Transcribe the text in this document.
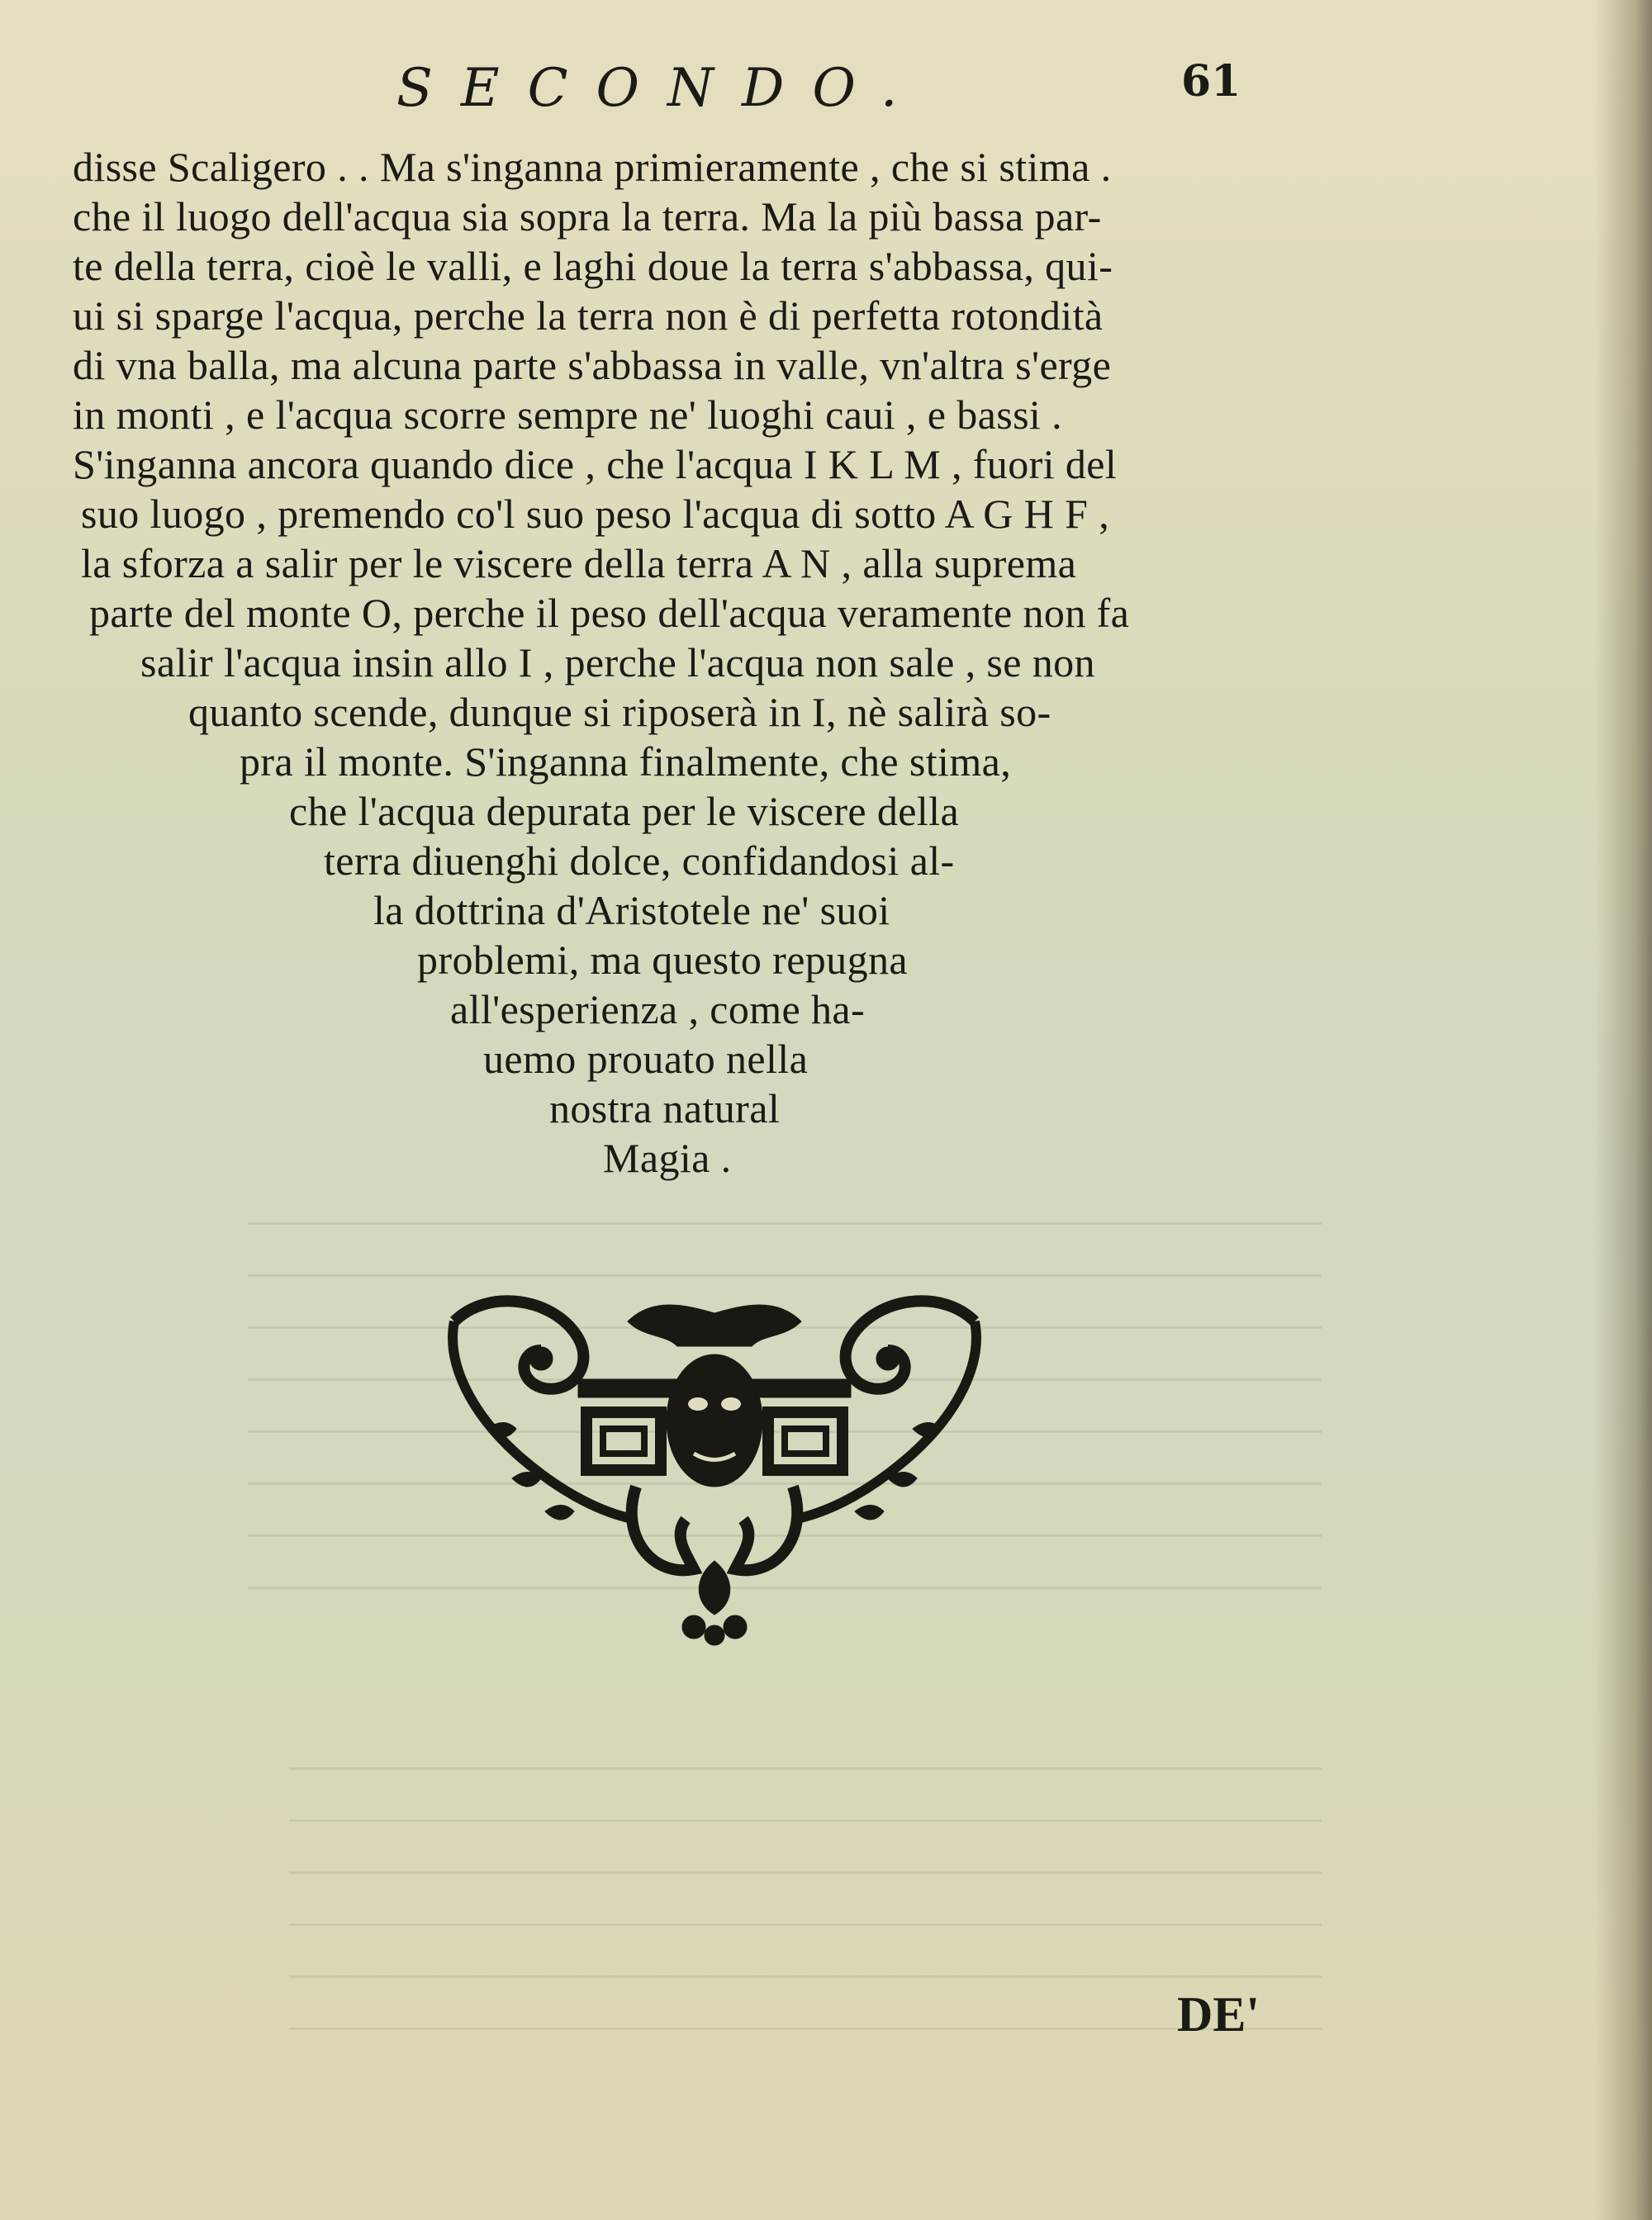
SECONDO.	61
disse Scaligero . . Ma s'inganna primieramente , che si stima .
che il luogo dell'acqua sia sopra la terra. Ma la più bassa par-
te della terra, cioè le valli, e laghi doue la terra s'abbassa, qui-
ui si sparge l'acqua, perche la terra non è di perfetta rotondità
di vna balla, ma alcuna parte s'abbassa in valle, vn'altra s'erge
in monti , e l'acqua scorre sempre ne' luoghi caui , e bassi .
S'inganna ancora quando dice , che l'acqua I K L M , fuori del
suo luogo , premendo co'l suo peso l'acqua di sotto A G H F ,
la sforza a salir per le viscere della terra A N , alla suprema
parte del monte O, perche il peso dell'acqua veramente non fa
salir l'acqua insin allo I , perche l'acqua non sale , se non
quanto scende, dunque si riposerà in I, nè salirà so-
pra il monte. S'inganna finalmente, che stima,
che l'acqua depurata per le viscere della
terra diuenghi dolce, confidandosi al-
la dottrina d'Aristotele ne' suoi
problemi, ma questo repugna
all'esperienza , come ha-
uemo prouato nella
nostra natural
Magia .
DE'
